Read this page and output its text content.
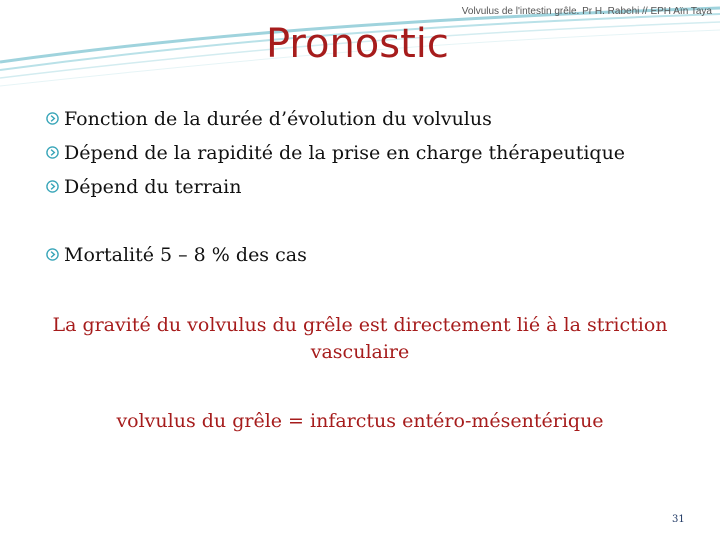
Volvulus de l'intestin grêle. Pr H. Rabehi // EPH Aïn Taya
Pronostic
Fonction de la durée d’évolution du volvulus
Dépend de la rapidité de la prise en charge thérapeutique
Dépend du terrain
Mortalité 5 – 8 % des cas
La gravité du volvulus du grêle est directement lié à la striction vasculaire
volvulus du grêle = infarctus entéro-mésentérique
31
